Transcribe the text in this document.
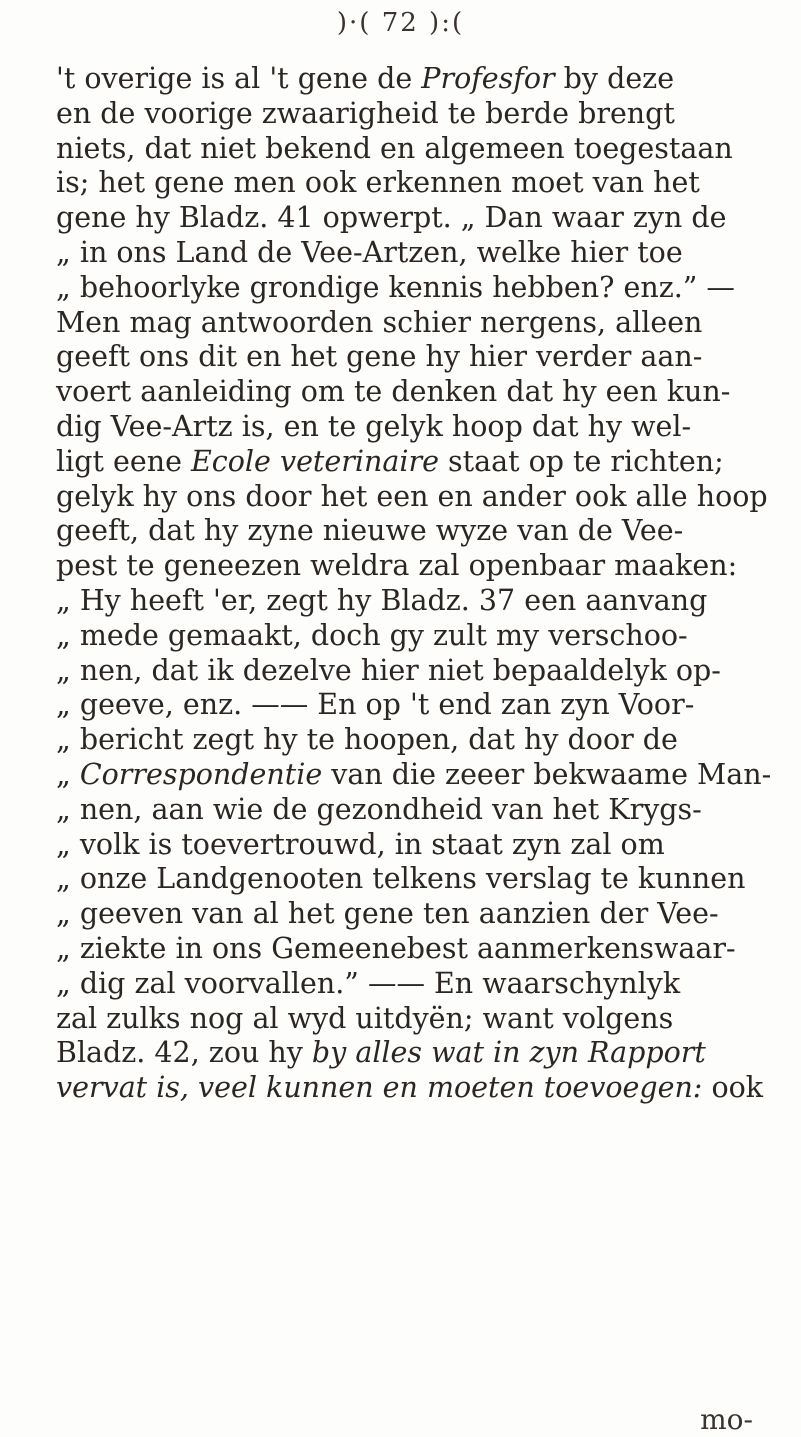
)·( 72 ):(
't overige is al 't gene de Profesfor by deze
en de voorige zwaarigheid te berde brengt
niets, dat niet bekend en algemeen toegestaan
is; het gene men ook erkennen moet van het
gene hy Bladz. 41 opwerpt. „ Dan waar zyn de
„ in ons Land de Vee-Artzen, welke hier toe
„ behoorlyke grondige kennis hebben? enz.” —
Men mag antwoorden schier nergens, alleen
geeft ons dit en het gene hy hier verder aan-
voert aanleiding om te denken dat hy een kun-
dig Vee-Artz is, en te gelyk hoop dat hy wel-
ligt eene Ecole veterinaire staat op te richten;
gelyk hy ons door het een en ander ook alle hoop
geeft, dat hy zyne nieuwe wyze van de Vee-
pest te geneezen weldra zal openbaar maaken:
„ Hy heeft 'er, zegt hy Bladz. 37 een aanvang
„ mede gemaakt, doch gy zult my verschoo-
„ nen, dat ik dezelve hier niet bepaaldelyk op-
„ geeve, enz. —— En op 't end zan zyn Voor-
„ bericht zegt hy te hoopen, dat hy door de
„ Correspondentie van die zeeer bekwaame Man-
„ nen, aan wie de gezondheid van het Krygs-
„ volk is toevertrouwd, in staat zyn zal om
„ onze Landgenooten telkens verslag te kunnen
„ geeven van al het gene ten aanzien der Vee-
„ ziekte in ons Gemeenebest aanmerkenswaar-
„ dig zal voorvallen.” —— En waarschynlyk
zal zulks nog al wyd uitdyën; want volgens
Bladz. 42, zou hy by alles wat in zyn Rapport
vervat is, veel kunnen en moeten toevoegen: ook
mo-
